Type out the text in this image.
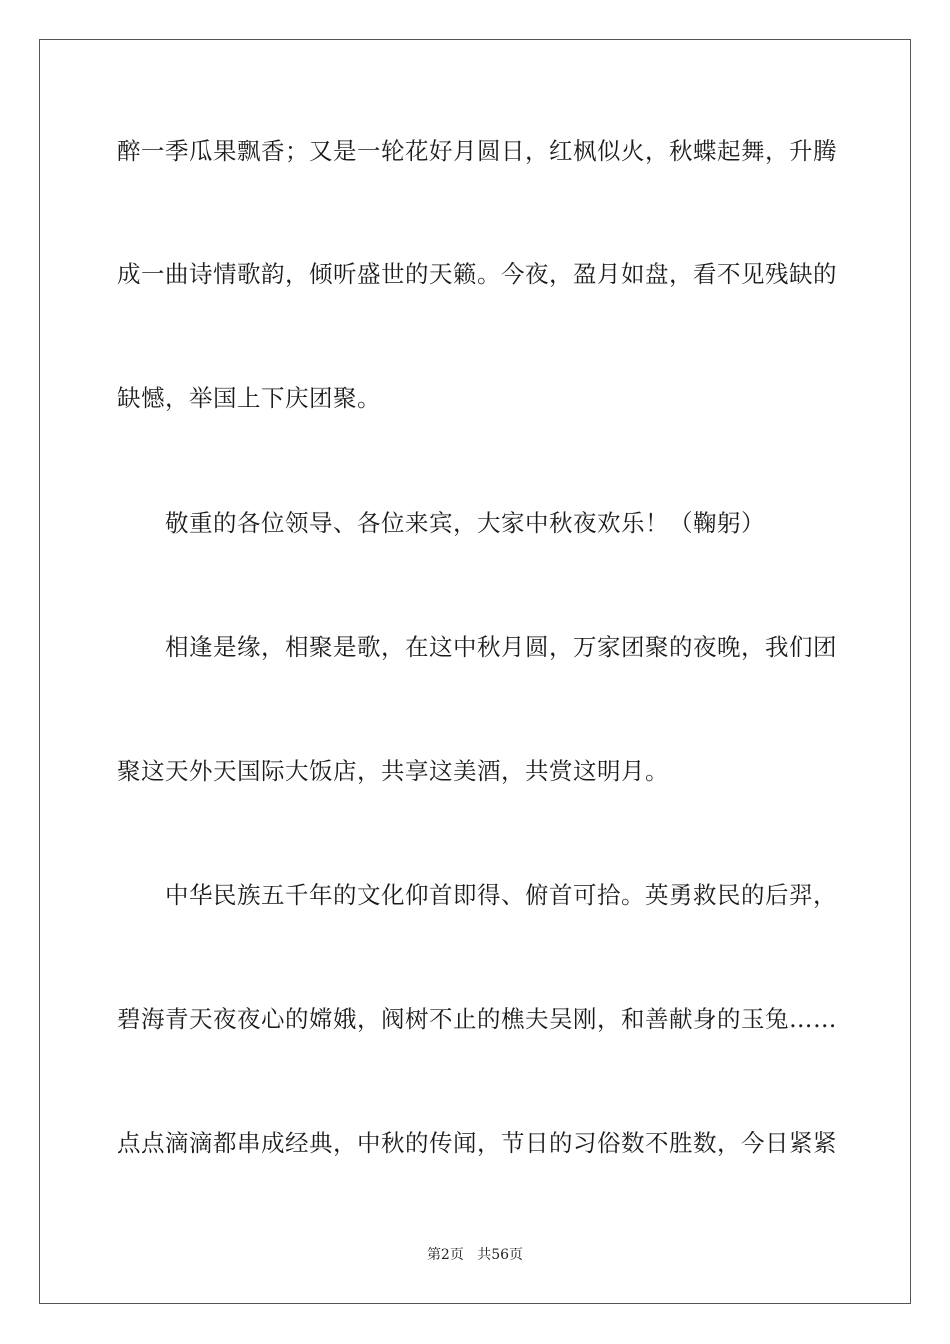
醉一季瓜果飘香；又是一轮花好月圆日，红枫似火，秋蝶起舞，升腾
成一曲诗情歌韵，倾听盛世的天籁。今夜，盈月如盘，看不见残缺的
缺憾，举国上下庆团聚。
敬重的各位领导、各位来宾，大家中秋夜欢乐！（鞠躬）
相逢是缘，相聚是歌，在这中秋月圆，万家团聚的夜晚，我们团
聚这天外天国际大饭店，共享这美酒，共赏这明月。
中华民族五千年的文化仰首即得、俯首可拾。英勇救民的后羿，
碧海青天夜夜心的嫦娥，阀树不止的樵夫吴刚，和善献身的玉兔……
点点滴滴都串成经典，中秋的传闻，节日的习俗数不胜数，今日紧紧
第2页 共56页
